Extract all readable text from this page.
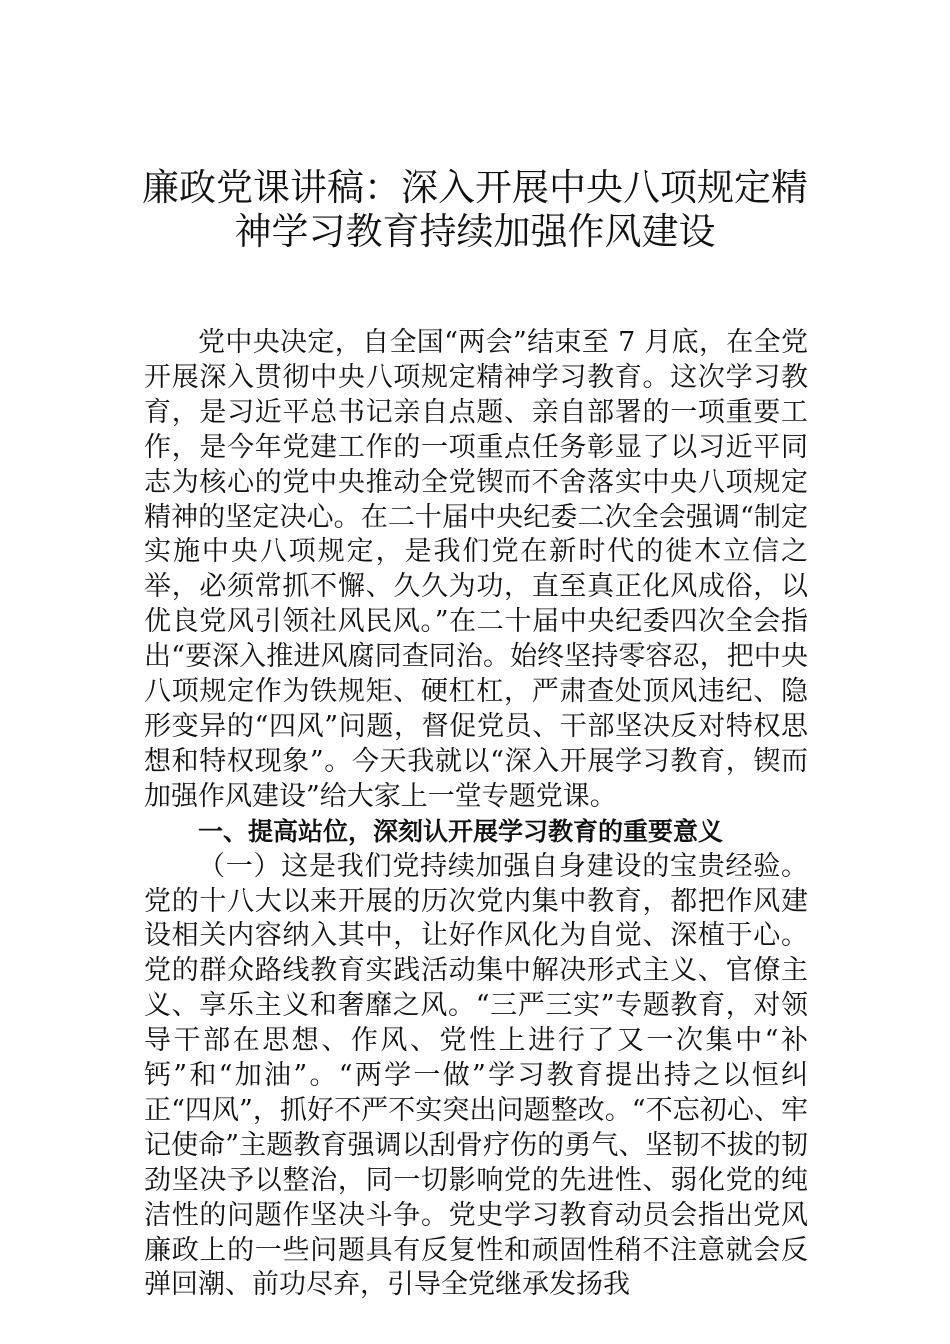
廉政党课讲稿：深入开展中央八项规定精
神学习教育持续加强作风建设

党中央决定，自全国“两会”结束至 7 月底，在全党开展深入贯彻中央八项规定精神学习教育。这次学习教育，是习近平总书记亲自点题、亲自部署的一项重要工作，是今年党建工作的一项重点任务彰显了以习近平同志为核心的党中央推动全党锲而不舍落实中央八项规定精神的坚定决心。在二十届中央纪委二次全会强调“制定实施中央八项规定，是我们党在新时代的徙木立信之举，必须常抓不懈、久久为功，直至真正化风成俗，以优良党风引领社风民风。”在二十届中央纪委四次全会指出“要深入推进风腐同查同治。始终坚持零容忍，把中央八项规定作为铁规矩、硬杠杠，严肃查处顶风违纪、隐形变异的“四风”问题，督促党员、干部坚决反对特权思想和特权现象”。今天我就以“深入开展学习教育，锲而加强作风建设”给大家上一堂专题党课。

一、提高站位，深刻认开展学习教育的重要意义

（一）这是我们党持续加强自身建设的宝贵经验。党的十八大以来开展的历次党内集中教育，都把作风建设相关内容纳入其中，让好作风化为自觉、深植于心。党的群众路线教育实践活动集中解决形式主义、官僚主义、享乐主义和奢靡之风。“三严三实”专题教育，对领导干部在思想、作风、党性上进行了又一次集中“补钙”和“加油”。“两学一做”学习教育提出持之以恒纠正“四风”，抓好不严不实突出问题整改。“不忘初心、牢记使命”主题教育强调以刮骨疗伤的勇气、坚韧不拔的韧劲坚决予以整治，同一切影响党的先进性、弱化党的纯洁性的问题作坚决斗争。党史学习教育动员会指出党风廉政上的一些问题具有反复性和顽固性稍不注意就会反弹回潮、前功尽弃，引导全党继承发扬我
